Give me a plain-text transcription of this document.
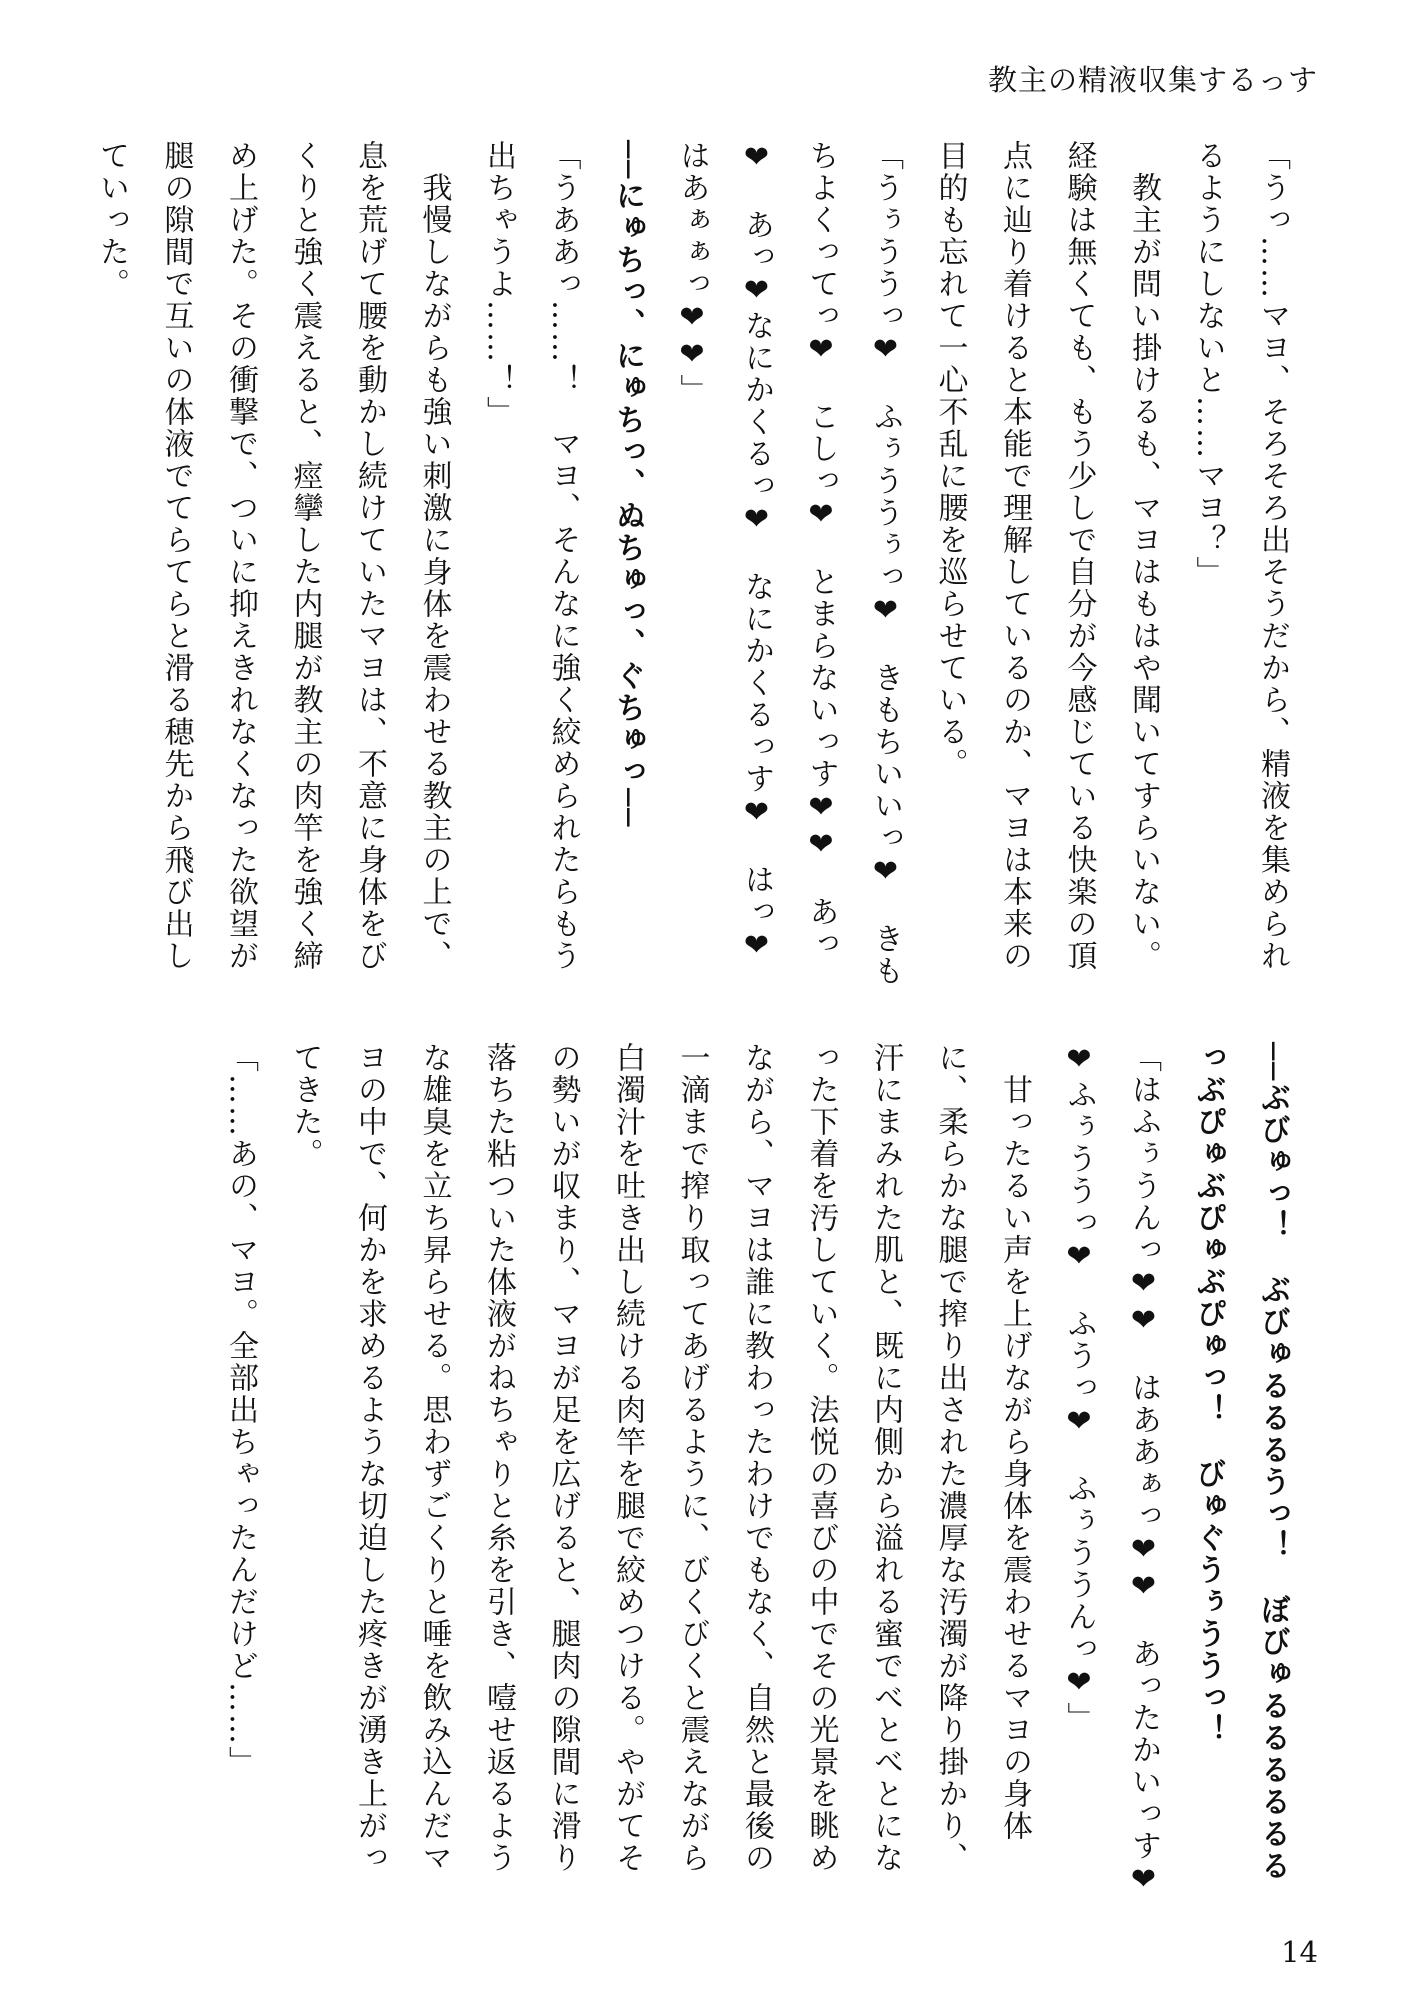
教主の精液収集するっす

「うっ……マヨ、そろそろ出そうだから、精液を集められるようにしないと……マヨ？」

　教主が問い掛けるも、マヨはもはや聞いてすらいない。経験は無くても、もう少しで自分が今感じている快楽の頂点に辿り着けると本能で理解しているのか、マヨは本来の目的も忘れて一心不乱に腰を巡らせている。

「うぅううっ❤　ふぅううぅっ❤　きもちいいっ❤　きもちよくってっ❤　こしっ❤　とまらないっす❤❤　あっ❤　あっ❤なにかくるっ❤　なにかくるっす❤　はっ❤　はあぁぁっ❤❤」

──にゅちっ、にゅちっ、ぬちゅっ、ぐちゅっ──

「うああっ……！　マヨ、そんなに強く絞められたらもう出ちゃうよ……！」

　我慢しながらも強い刺激に身体を震わせる教主の上で、息を荒げて腰を動かし続けていたマヨは、不意に身体をびくりと強く震えると、痙攣した内腿が教主の肉竿を強く締め上げた。その衝撃で、ついに抑えきれなくなった欲望が腿の隙間で互いの体液でてらてらと滑る穂先から飛び出していった。

──ぶびゅっ！　ぶびゅるるるうっ！　ぼびゅるるるるるるっぶぴゅぶぴゅぶぴゅっ！　びゅぐうぅううっ！

「はふぅうんっ❤❤　はああぁっ❤❤　あったかいっす❤❤ふぅううっ❤　ふうっ❤　ふぅううんっ❤」

　甘ったるい声を上げながら身体を震わせるマヨの身体に、柔らかな腿で搾り出された濃厚な汚濁が降り掛かり、汗にまみれた肌と、既に内側から溢れる蜜でべとべとになった下着を汚していく。法悦の喜びの中でその光景を眺めながら、マヨは誰に教わったわけでもなく、自然と最後の一滴まで搾り取ってあげるように、びくびくと震えながら白濁汁を吐き出し続ける肉竿を腿で絞めつける。やがてその勢いが収まり、マヨが足を広げると、腿肉の隙間に滑り落ちた粘ついた体液がねちゃりと糸を引き、噎せ返るような雄臭を立ち昇らせる。思わずごくりと唾を飲み込んだマヨの中で、何かを求めるような切迫した疼きが湧き上がってきた。

「……あの、マヨ。全部出ちゃったんだけど……」

14
